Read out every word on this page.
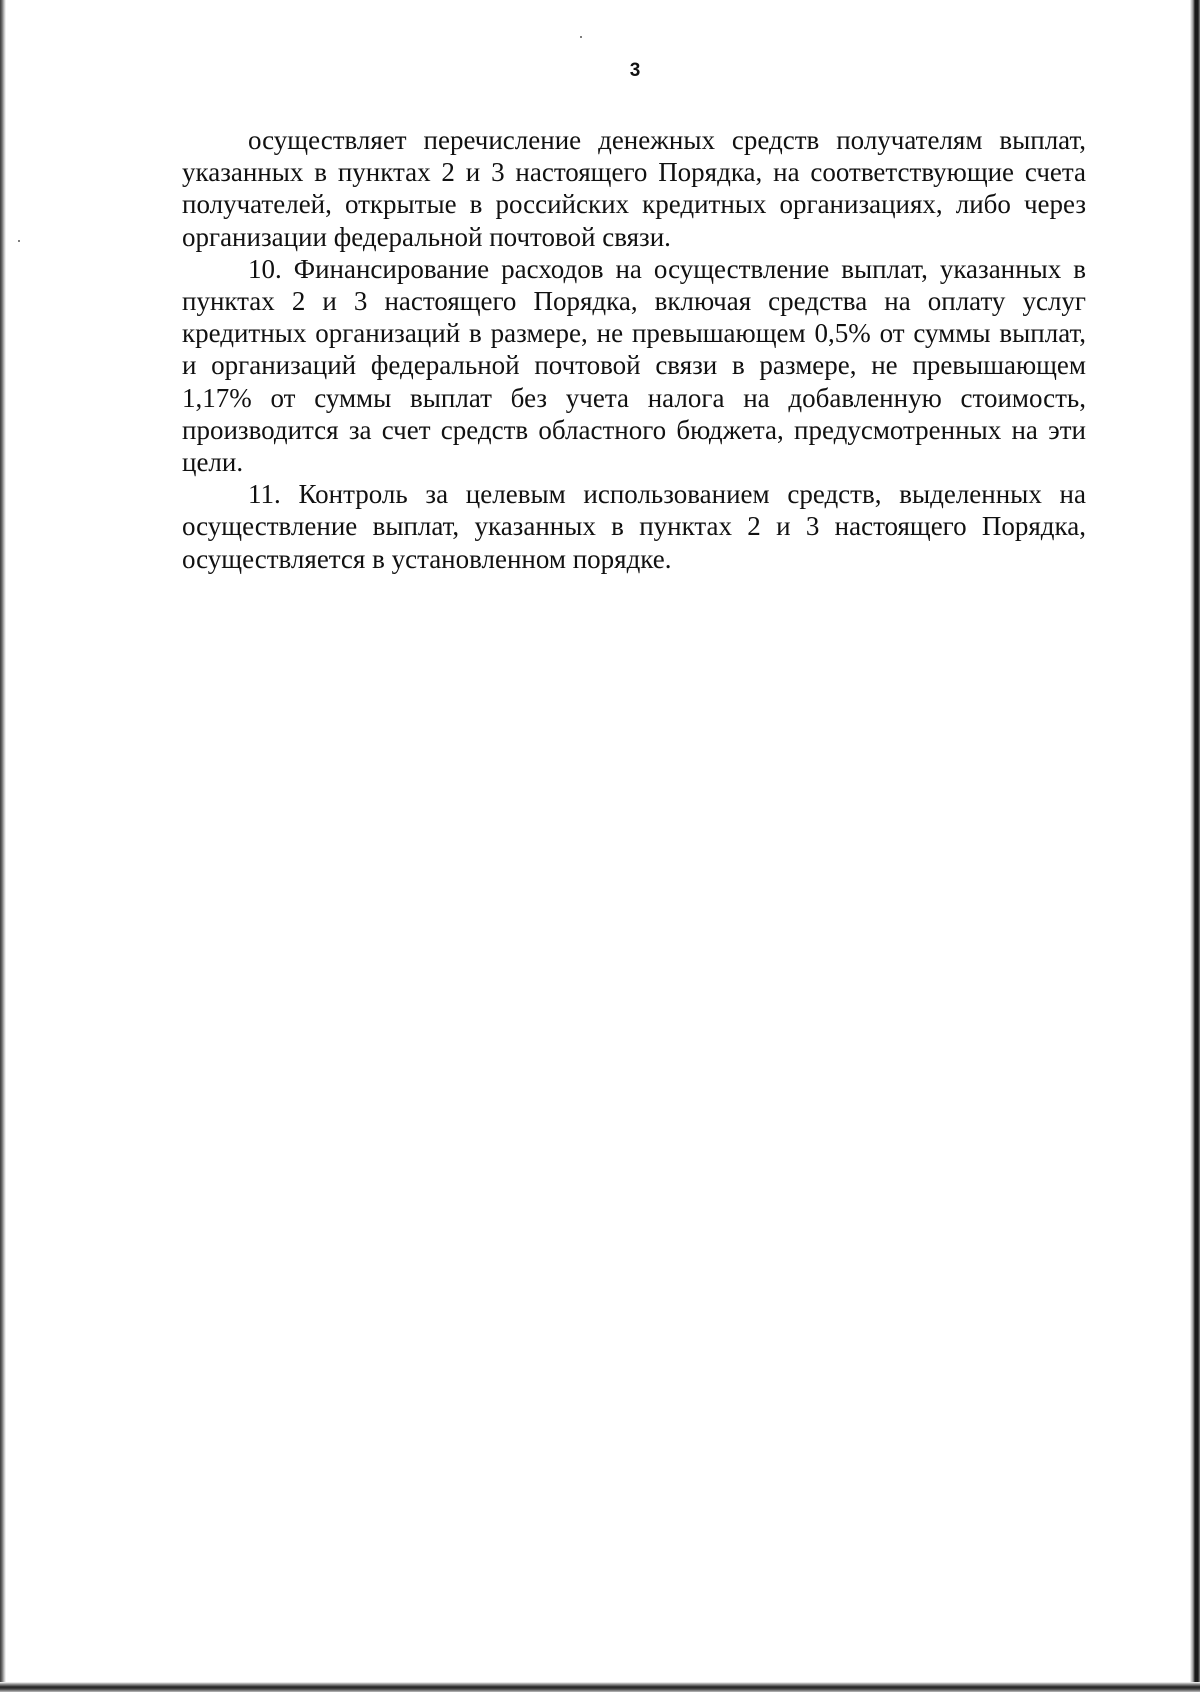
3

осуществляет перечисление денежных средств получателям выплат, указанных в пунктах 2 и 3 настоящего Порядка, на соответствующие счета получателей, открытые в российских кредитных организациях, либо через организации федеральной почтовой связи.

10. Финансирование расходов на осуществление выплат, указанных в пунктах 2 и 3 настоящего Порядка, включая средства на оплату услуг кредитных организаций в размере, не превышающем 0,5% от суммы выплат, и организаций федеральной почтовой связи в размере, не превышающем 1,17% от суммы выплат без учета налога на добавленную стоимость, производится за счет средств областного бюджета, предусмотренных на эти цели.

11. Контроль за целевым использованием средств, выделенных на осуществление выплат, указанных в пунктах 2 и 3 настоящего Порядка, осуществляется в установленном порядке.
